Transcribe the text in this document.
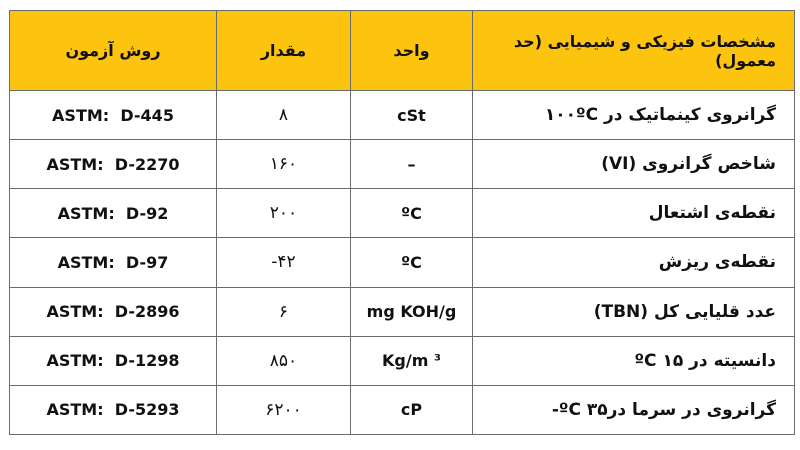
مشخصات فیزیکی و شیمیایی (حد معمول)	واحد	مقدار	روش آزمون
گرانروی کینماتیک در ۱۰۰ºC	cSt	۸	ASTM:  D-445
شاخص گرانروی (VI)	–	۱۶۰	ASTM:  D-2270
نقطه‌ی اشتعال	ºC	۲۰۰	ASTM:  D-92
نقطه‌ی ریزش	ºC	-۴۲	ASTM:  D-97
عدد قلیایی کل (TBN)	mg KOH/g	۶	ASTM:  D-2896
دانسیته در ۱۵ ºC	Kg/m ³	۸۵۰	ASTM:  D-1298
گرانروی در سرما درºC ۳۵-	cP	۶۲۰۰	ASTM:  D-5293
